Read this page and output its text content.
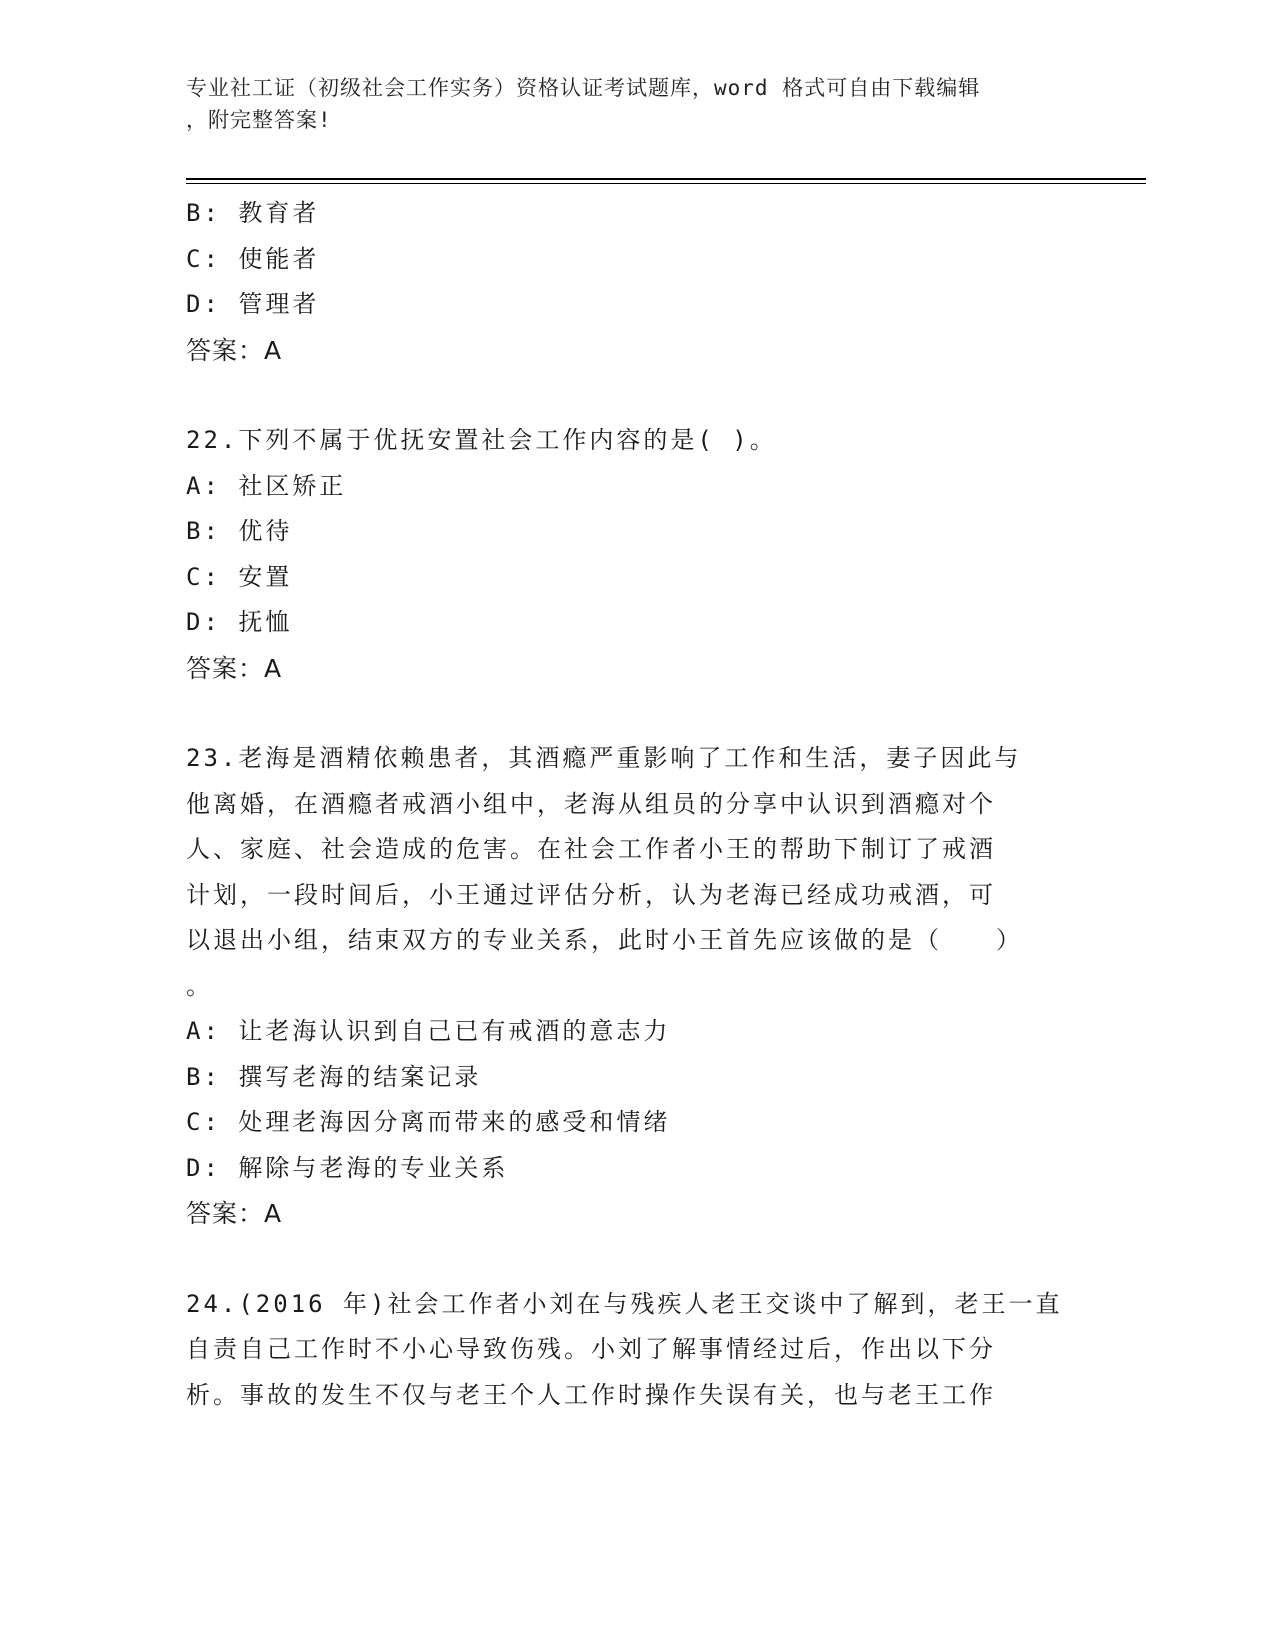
专业社工证（初级社会工作实务）资格认证考试题库，word 格式可自由下载编辑
，附完整答案!
B: 教育者
C: 使能者
D: 管理者
答案：A
22.下列不属于优抚安置社会工作内容的是( )。
A: 社区矫正
B: 优待
C: 安置
D: 抚恤
答案：A
23.老海是酒精依赖患者，其酒瘾严重影响了工作和生活，妻子因此与
他离婚，在酒瘾者戒酒小组中，老海从组员的分享中认识到酒瘾对个
人、家庭、社会造成的危害。在社会工作者小王的帮助下制订了戒酒
计划，一段时间后，小王通过评估分析，认为老海已经成功戒酒，可
以退出小组，结束双方的专业关系，此时小王首先应该做的是（　　）
。
A: 让老海认识到自己已有戒酒的意志力
B: 撰写老海的结案记录
C: 处理老海因分离而带来的感受和情绪
D: 解除与老海的专业关系
答案：A
24.(2016 年)社会工作者小刘在与残疾人老王交谈中了解到，老王一直
自责自己工作时不小心导致伤残。小刘了解事情经过后，作出以下分
析。事故的发生不仅与老王个人工作时操作失误有关，也与老王工作
